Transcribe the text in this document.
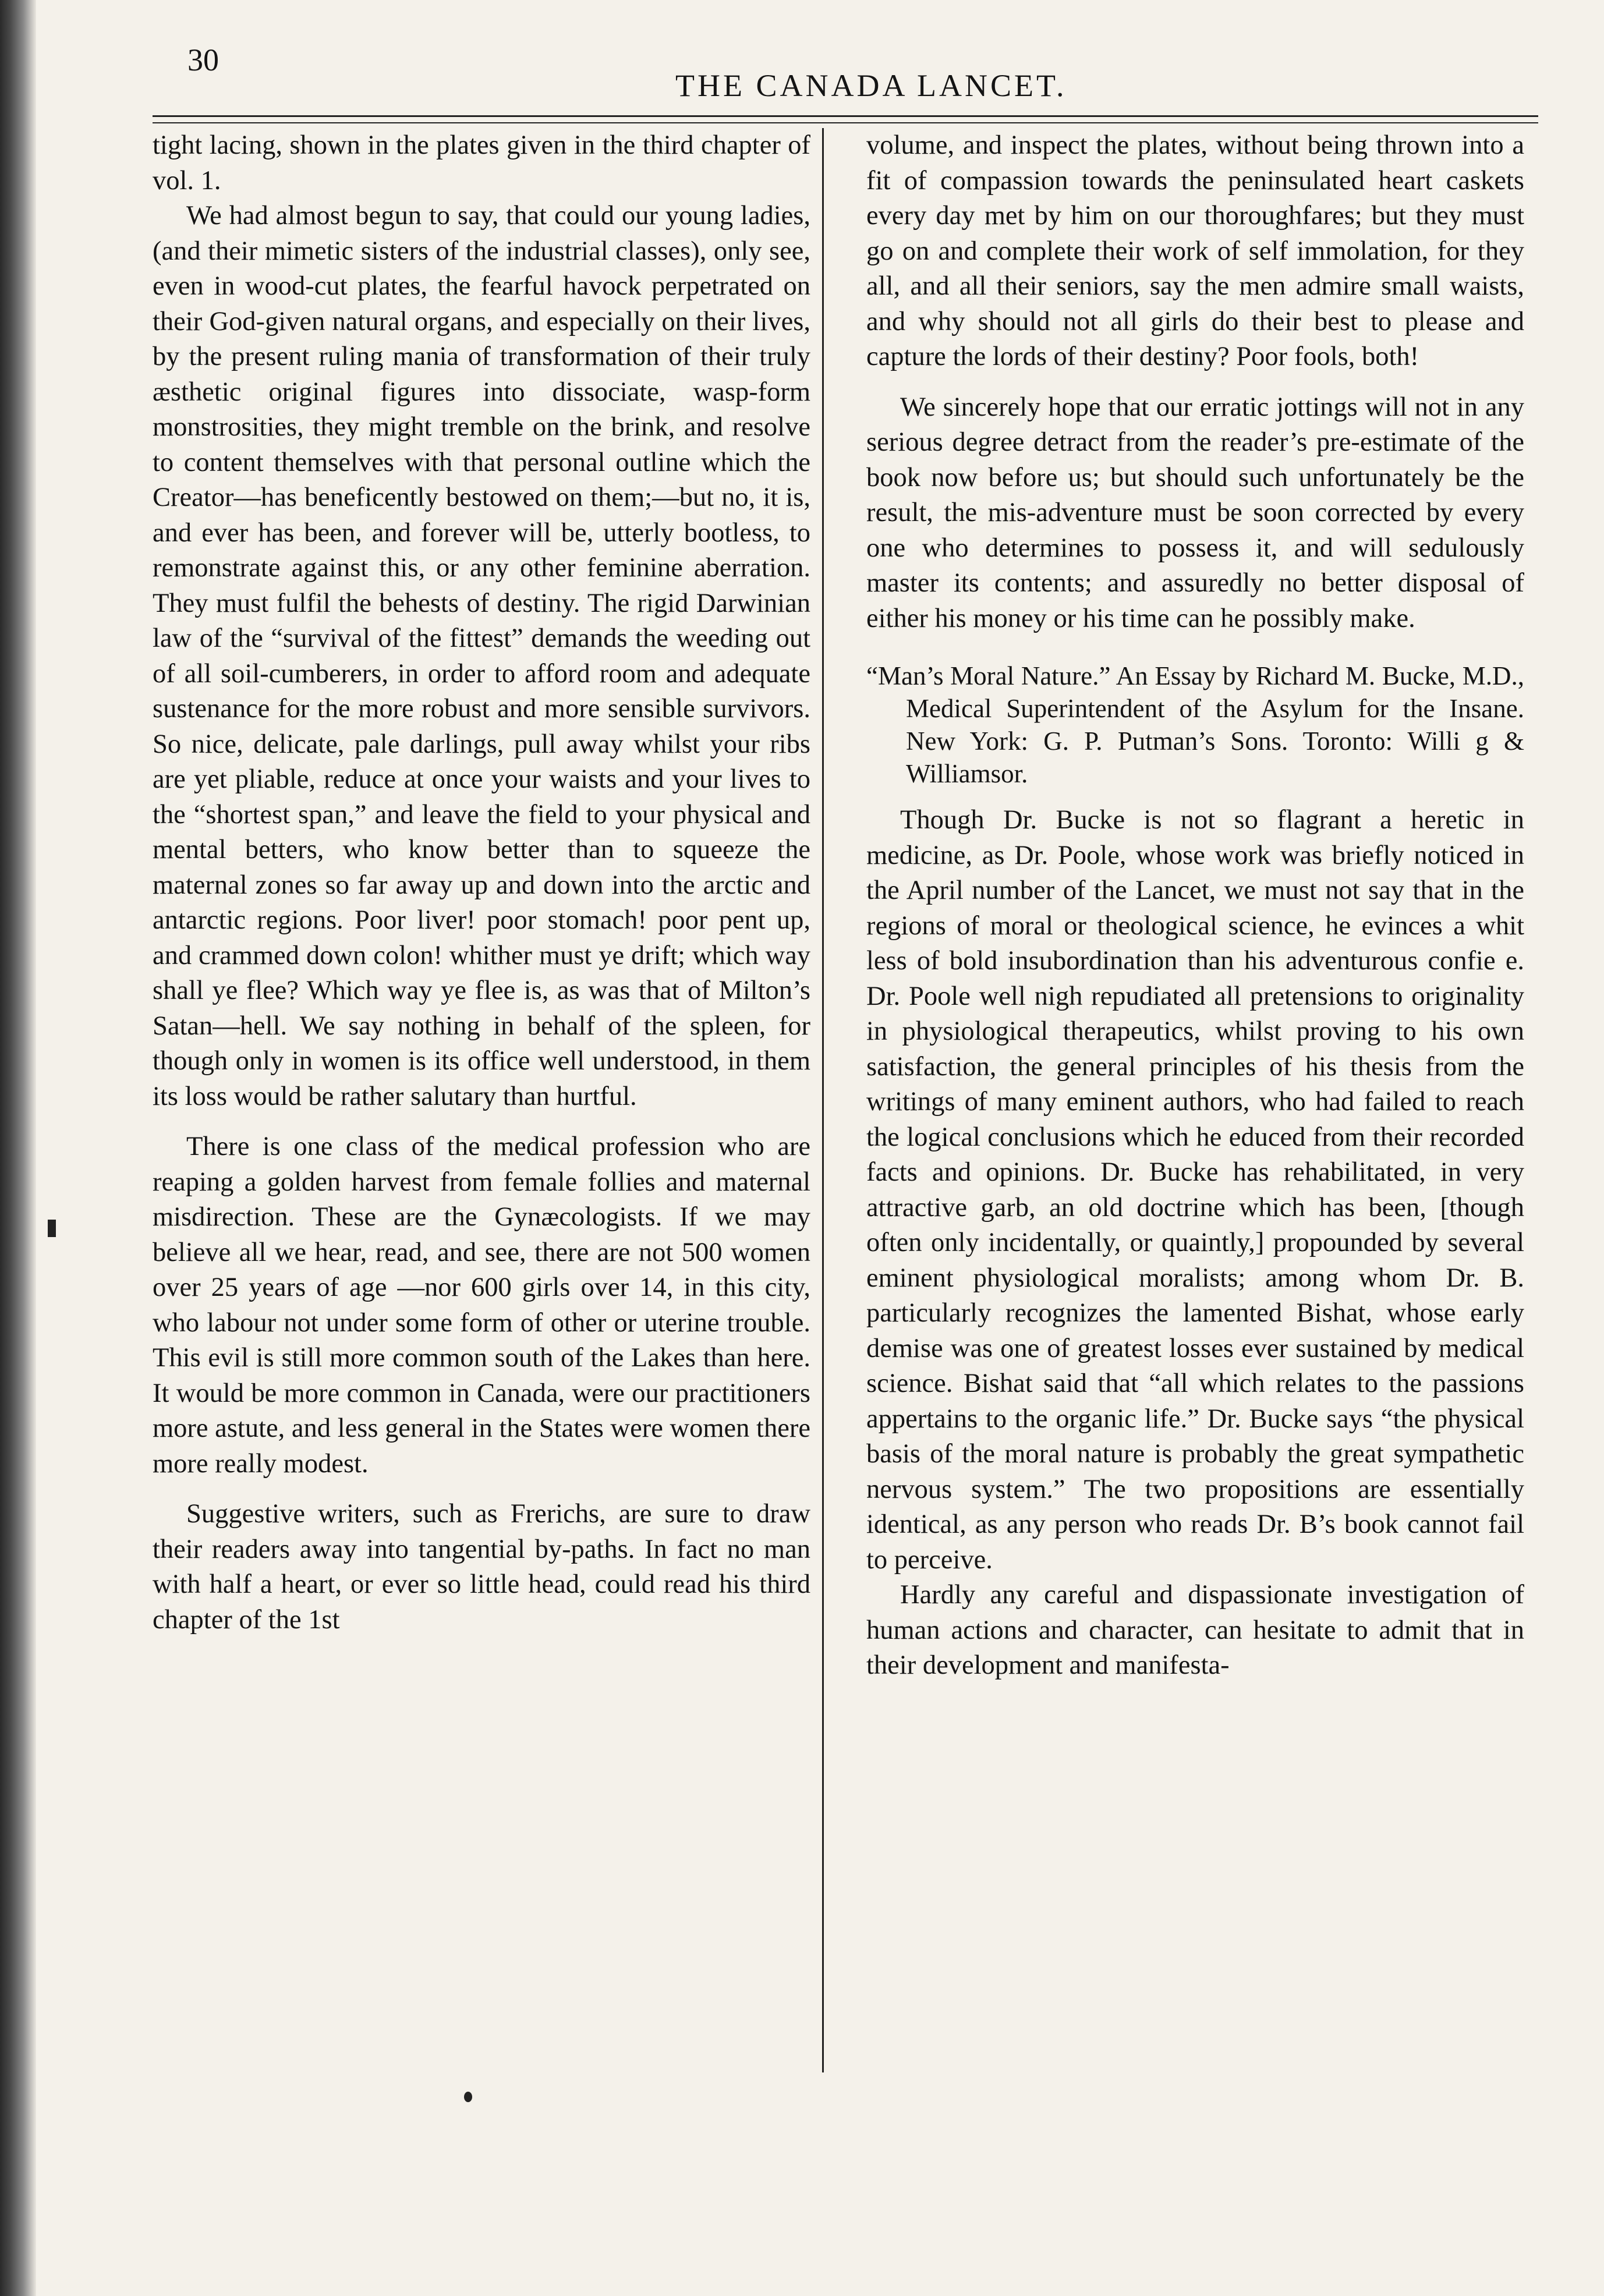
30
THE CANADA LANCET.

tight lacing, shown in the plates given in the third chapter of vol. 1.

We had almost begun to say, that could our young ladies, (and their mimetic sisters of the industrial classes), only see, even in wood-cut plates, the fearful havock perpetrated on their God-given natural organs, and especially on their lives, by the present ruling mania of transformation of their truly æsthetic original figures into dissociate, wasp-form monstrosities, they might tremble on the brink, and resolve to content themselves with that personal outline which the Creator—has beneficently bestowed on them;—but no, it is, and ever has been, and forever will be, utterly bootless, to remonstrate against this, or any other feminine aberration. They must fulfil the behests of destiny. The rigid Darwinian law of the “survival of the fittest” demands the weeding out of all soil-cumberers, in order to afford room and adequate sustenance for the more robust and more sensible survivors. So nice, delicate, pale darlings, pull away whilst your ribs are yet pliable, reduce at once your waists and your lives to the “shortest span,” and leave the field to your physical and mental betters, who know better than to squeeze the maternal zones so far away up and down into the arctic and antarctic regions. Poor liver! poor stomach! poor pent up, and crammed down colon! whither must ye drift; which way shall ye flee? Which way ye flee is, as was that of Milton’s Satan—hell. We say nothing in behalf of the spleen, for though only in women is its office well understood, in them its loss would be rather salutary than hurtful.

There is one class of the medical profession who are reaping a golden harvest from female follies and maternal misdirection. These are the Gynæcologists. If we may believe all we hear, read, and see, there are not 500 women over 25 years of age —nor 600 girls over 14, in this city, who labour not under some form of other or uterine trouble. This evil is still more common south of the Lakes than here. It would be more common in Canada, were our practitioners more astute, and less general in the States were women there more really modest.

Suggestive writers, such as Frerichs, are sure to draw their readers away into tangential by-paths. In fact no man with half a heart, or ever so little head, could read his third chapter of the 1st

volume, and inspect the plates, without being thrown into a fit of compassion towards the peninsulated heart caskets every day met by him on our thoroughfares; but they must go on and complete their work of self immolation, for they all, and all their seniors, say the men admire small waists, and why should not all girls do their best to please and capture the lords of their destiny? Poor fools, both!

We sincerely hope that our erratic jottings will not in any serious degree detract from the reader’s pre-estimate of the book now before us; but should such unfortunately be the result, the mis-adventure must be soon corrected by every one who determines to possess it, and will sedulously master its contents; and assuredly no better disposal of either his money or his time can he possibly make.

“Man’s Moral Nature.” An Essay by Richard M. Bucke, M.D., Medical Superintendent of the Asylum for the Insane. New York: G. P. Putman’s Sons. Toronto: Willi g & Williamsor.

Though Dr. Bucke is not so flagrant a heretic in medicine, as Dr. Poole, whose work was briefly noticed in the April number of the Lancet, we must not say that in the regions of moral or theological science, he evinces a whit less of bold insubordination than his adventurous confie e. Dr. Poole well nigh repudiated all pretensions to originality in physiological therapeutics, whilst proving to his own satisfaction, the general principles of his thesis from the writings of many eminent authors, who had failed to reach the logical conclusions which he educed from their recorded facts and opinions. Dr. Bucke has rehabilitated, in very attractive garb, an old doctrine which has been, [though often only incidentally, or quaintly,] propounded by several eminent physiological moralists; among whom Dr. B. particularly recognizes the lamented Bishat, whose early demise was one of greatest losses ever sustained by medical science. Bishat said that “all which relates to the passions appertains to the organic life.” Dr. Bucke says “the physical basis of the moral nature is probably the great sympathetic nervous system.” The two propositions are essentially identical, as any person who reads Dr. B’s book cannot fail to perceive.

Hardly any careful and dispassionate investigation of human actions and character, can hesitate to admit that in their development and manifesta-
